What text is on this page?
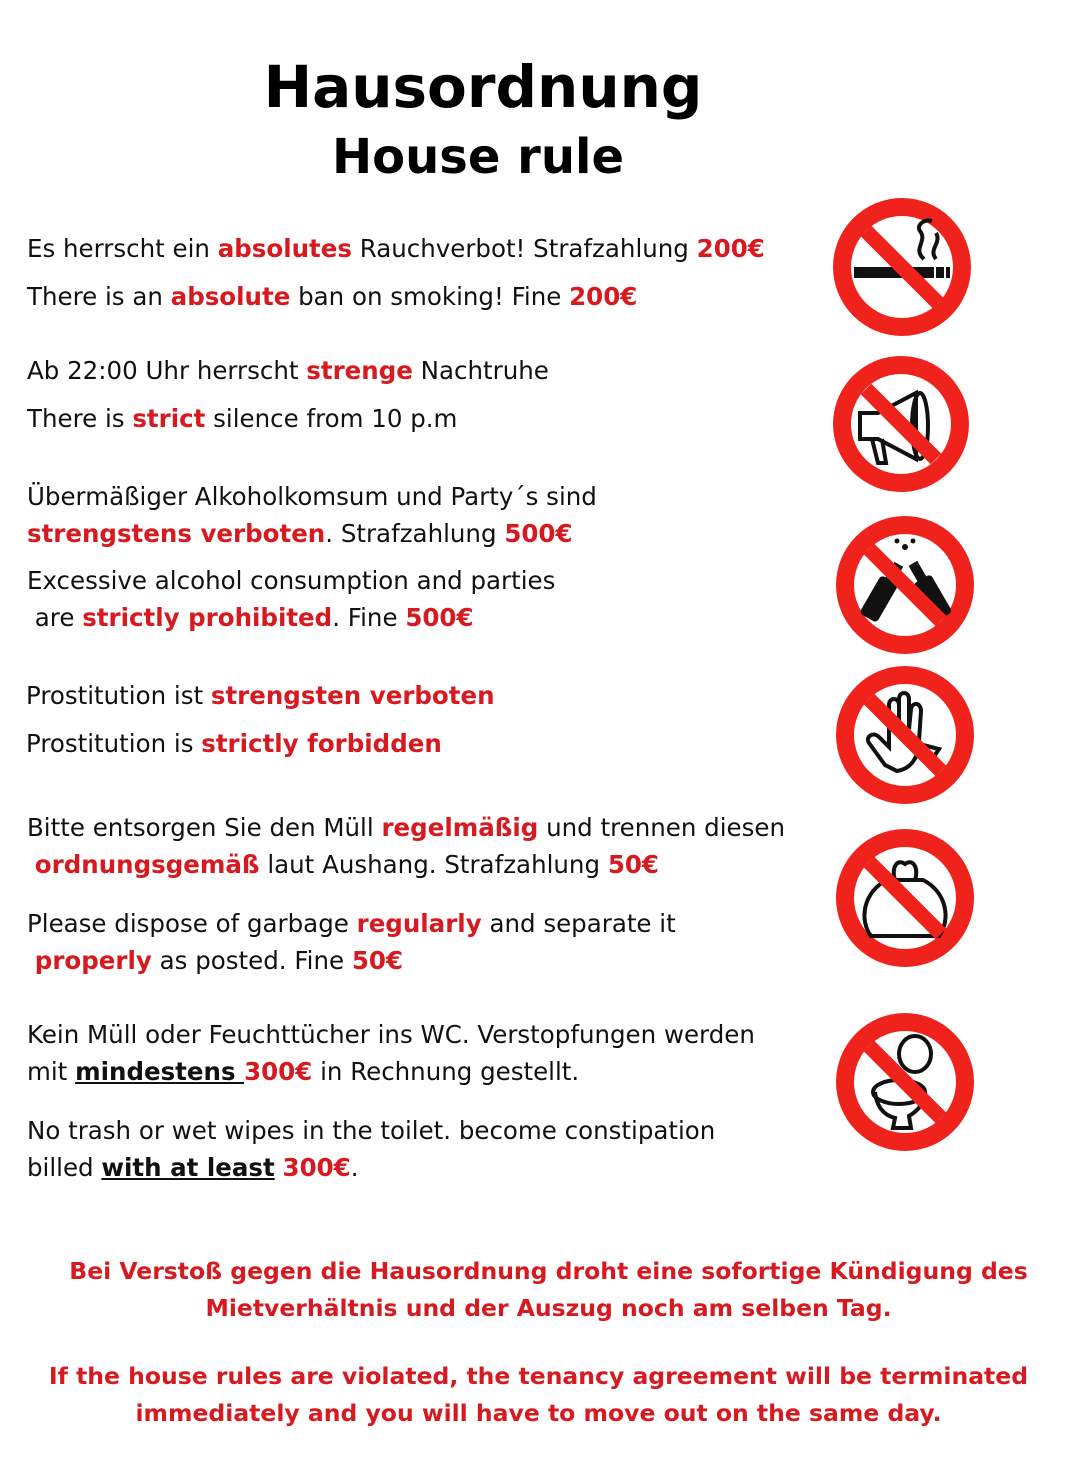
Hausordnung
House rule
Es herrscht ein absolutes Rauchverbot! Strafzahlung 200€
There is an absolute ban on smoking! Fine 200€
Ab 22:00 Uhr herrscht strenge Nachtruhe
There is strict silence from 10 p.m
Übermäßiger Alkoholkomsum und Party´s sind
strengstens verboten. Strafzahlung 500€
Excessive alcohol consumption and parties
are strictly prohibited. Fine 500€
Prostitution ist strengsten verboten
Prostitution is strictly forbidden
Bitte entsorgen Sie den Müll regelmäßig und trennen diesen
ordnungsgemäß laut Aushang. Strafzahlung 50€
Please dispose of garbage regularly and separate it
properly as posted. Fine 50€
Kein Müll oder Feuchttücher ins WC. Verstopfungen werden
mit mindestens 300€ in Rechnung gestellt.
No trash or wet wipes in the toilet. become constipation
billed with at least 300€.
Bei Verstoß gegen die Hausordnung droht eine sofortige Kündigung des
Mietverhältnis und der Auszug noch am selben Tag.
If the house rules are violated, the tenancy agreement will be terminated
immediately and you will have to move out on the same day.
